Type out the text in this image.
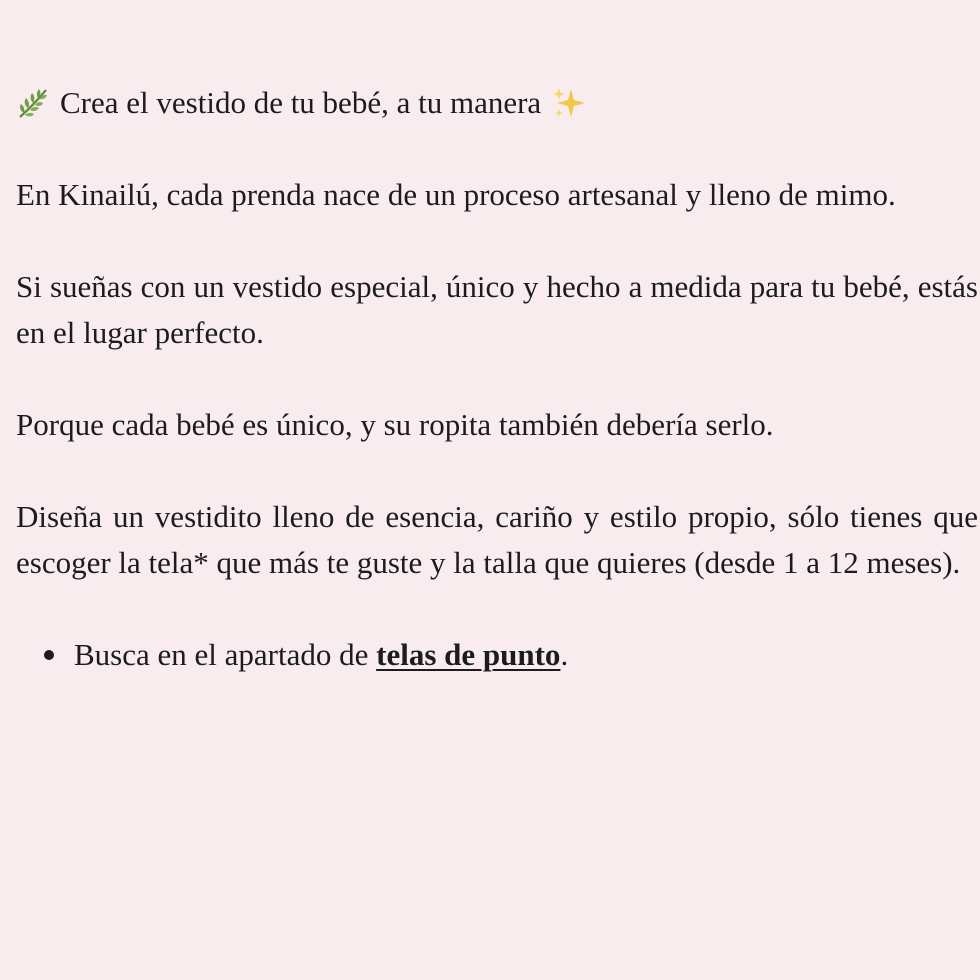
Crea el vestido de tu bebé, a tu manera

En Kinailú, cada prenda nace de un proceso artesanal y lleno de mimo.

Si sueñas con un vestido especial, único y hecho a medida para tu bebé, estás en el lugar perfecto.

Porque cada bebé es único, y su ropita también debería serlo.

Diseña un vestidito lleno de esencia, cariño y estilo propio, sólo tienes que escoger la tela* que más te guste y la talla que quieres (desde 1 a 12 meses).

Busca en el apartado de telas de punto.
